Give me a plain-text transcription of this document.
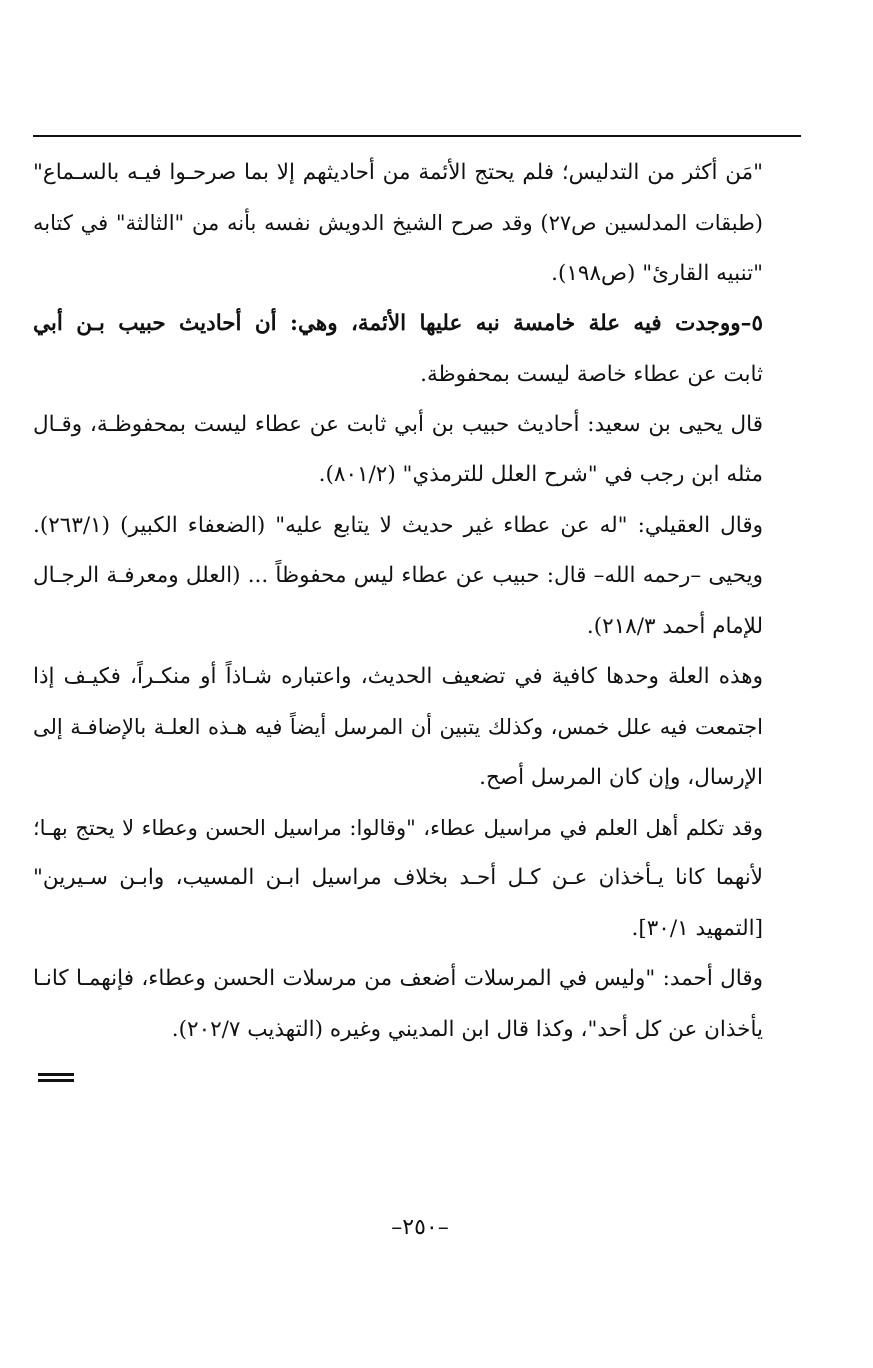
"مَن أكثر من التدليس؛ فلم يحتج الأئمة من أحاديثهم إلا بما صرحـوا فيـه بالسـماع"
(طبقات المدلسين ص٢٧) وقد صرح الشيخ الدويش نفسه بأنه من "الثالثة" في كتابه
"تنبيه القارئ" (ص١٩٨).
٥–ووجدت فيه علة خامسة نبه عليها الأئمة، وهي: أن أحاديث حبيب بـن أبي
ثابت عن عطاء خاصة ليست بمحفوظة.
قال يحيى بن سعيد: أحاديث حبيب بن أبي ثابت عن عطاء ليست بمحفوظـة، وقـال
مثله ابن رجب في "شرح العلل للترمذي" (٨٠١/٢).
وقال العقيلي: "له عن عطاء غير حديث لا يتابع عليه" (الضعفاء الكبير) (٢٦٣/١).
ويحيى –رحمه الله– قال: حبيب عن عطاء ليس محفوظاً ... (العلل ومعرفـة الرجـال
للإمام أحمد ٢١٨/٣).
وهذه العلة وحدها كافية في تضعيف الحديث، واعتباره شـاذاً أو منكـراً، فكيـف إذا
اجتمعت فيه علل خمس، وكذلك يتبين أن المرسل أيضاً فيه هـذه العلـة بالإضافـة إلى
الإرسال، وإن كان المرسل أصح.
وقد تكلم أهل العلم في مراسيل عطاء، "وقالوا: مراسيل الحسن وعطاء لا يحتج بهـا؛
لأنهما كانا يـأخذان عـن كـل أحـد بخلاف مراسيل ابـن المسيب، وابـن سـيرين"
[التمهيد ٣٠/١].
وقال أحمد: "وليس في المرسلات أضعف من مرسلات الحسن وعطاء، فإنهمـا كانـا
يأخذان عن كل أحد"، وكذا قال ابن المديني وغيره (التهذيب ٢٠٢/٧).
–٢٥٠–
